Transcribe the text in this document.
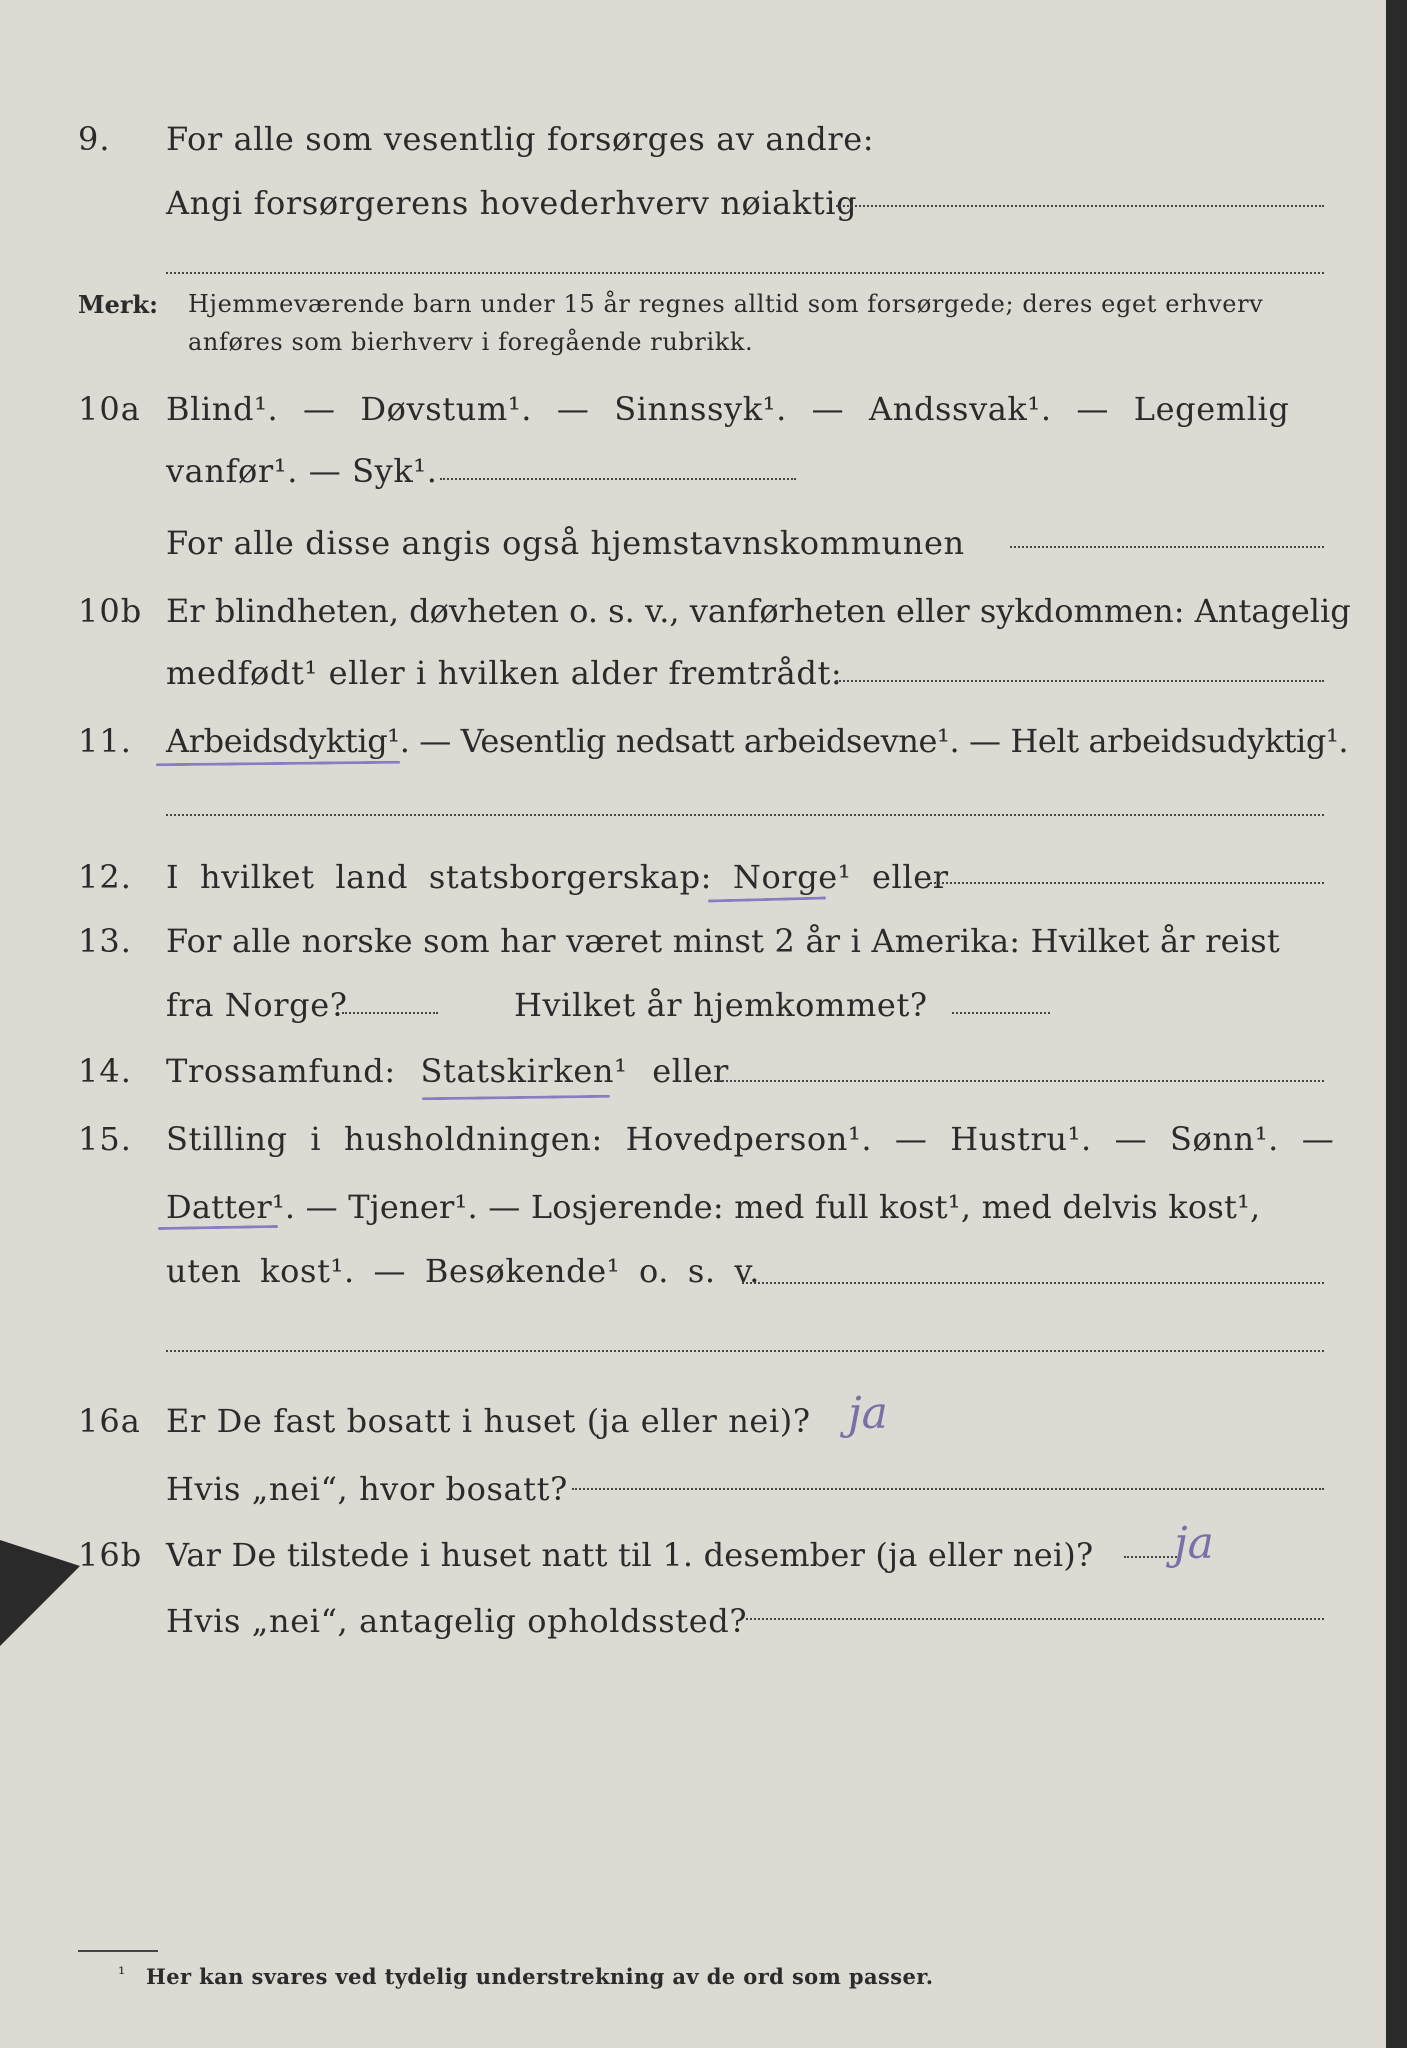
9. For alle som vesentlig forsørges av andre:
Angi forsørgerens hovederhverv nøiaktig
Merk: Hjemmeværende barn under 15 år regnes alltid som forsørgede; deres eget erhverv
anføres som bierhverv i foregående rubrikk.
10a Blind¹. — Døvstum¹. — Sinnssyk¹. — Andssvak¹. — Legemlig
vanfør¹. — Syk¹.
For alle disse angis også hjemstavnskommunen
10b Er blindheten, døvheten o. s. v., vanførheten eller sykdommen: Antagelig
medfødt¹ eller i hvilken alder fremtrådt:
11. Arbeidsdyktig¹. — Vesentlig nedsatt arbeidsevne¹. — Helt arbeidsudyktig¹.
12. I hvilket land statsborgerskap: Norge¹ eller
13. For alle norske som har været minst 2 år i Amerika: Hvilket år reist
fra Norge?	Hvilket år hjemkommet?
14. Trossamfund: Statskirken¹ eller
15. Stilling i husholdningen: Hovedperson¹. — Hustru¹. — Sønn¹. —
Datter¹. — Tjener¹. — Losjerende: med full kost¹, med delvis kost¹,
uten kost¹. — Besøkende¹ o. s. v.
16a Er De fast bosatt i huset (ja eller nei)? ja
Hvis „nei“, hvor bosatt?
16b Var De tilstede i huset natt til 1. desember (ja eller nei)? ja
Hvis „nei“, antagelig opholdssted?
¹ Her kan svares ved tydelig understrekning av de ord som passer.
